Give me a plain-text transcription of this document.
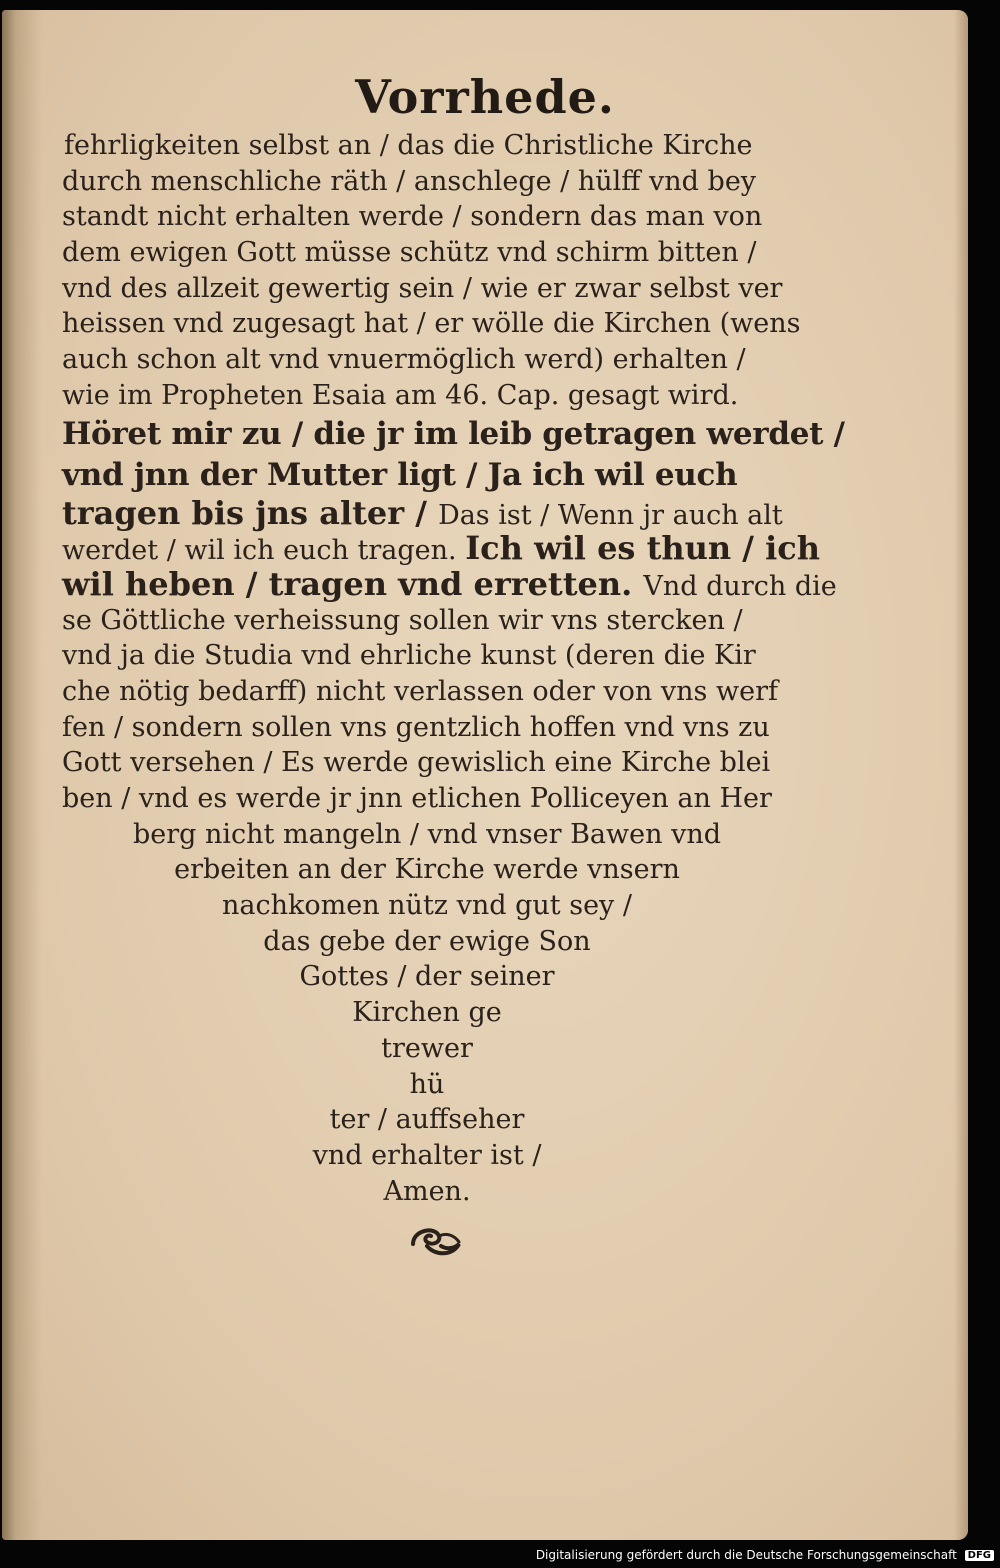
Vorrhede.
fehrligkeiten selbst an / das die Christliche Kirche
durch menschliche räth / anschlege / hülff vnd bey
standt nicht erhalten werde / sondern das man von
dem ewigen Gott müsse schütz vnd schirm bitten /
vnd des allzeit gewertig sein / wie er zwar selbst ver
heissen vnd zugesagt hat / er wölle die Kirchen (wens
auch schon alt vnd vnuermöglich werd) erhalten /
wie im Propheten Esaia am 46. Cap. gesagt wird.
Höret mir zu / die jr im leib getragen werdet /
vnd jnn der Mutter ligt / Ja ich wil euch
tragen bis jns alter / Das ist / Wenn jr auch alt
werdet / wil ich euch tragen. Ich wil es thun / ich
wil heben / tragen vnd erretten. Vnd durch die
se Göttliche verheissung sollen wir vns stercken /
vnd ja die Studia vnd ehrliche kunst (deren die Kir
che nötig bedarff) nicht verlassen oder von vns werf
fen / sondern sollen vns gentzlich hoffen vnd vns zu
Gott versehen / Es werde gewislich eine Kirche blei
ben / vnd es werde jr jnn etlichen Polliceyen an Her
berg nicht mangeln / vnd vnser Bawen vnd
erbeiten an der Kirche werde vnsern
nachkomen nütz vnd gut sey /
das gebe der ewige Son
Gottes / der seiner
Kirchen ge
trewer
hü
ter / auffseher
vnd erhalter ist /
Amen.
Digitalisierung gefördert durch die Deutsche Forschungsgemeinschaft DFG
